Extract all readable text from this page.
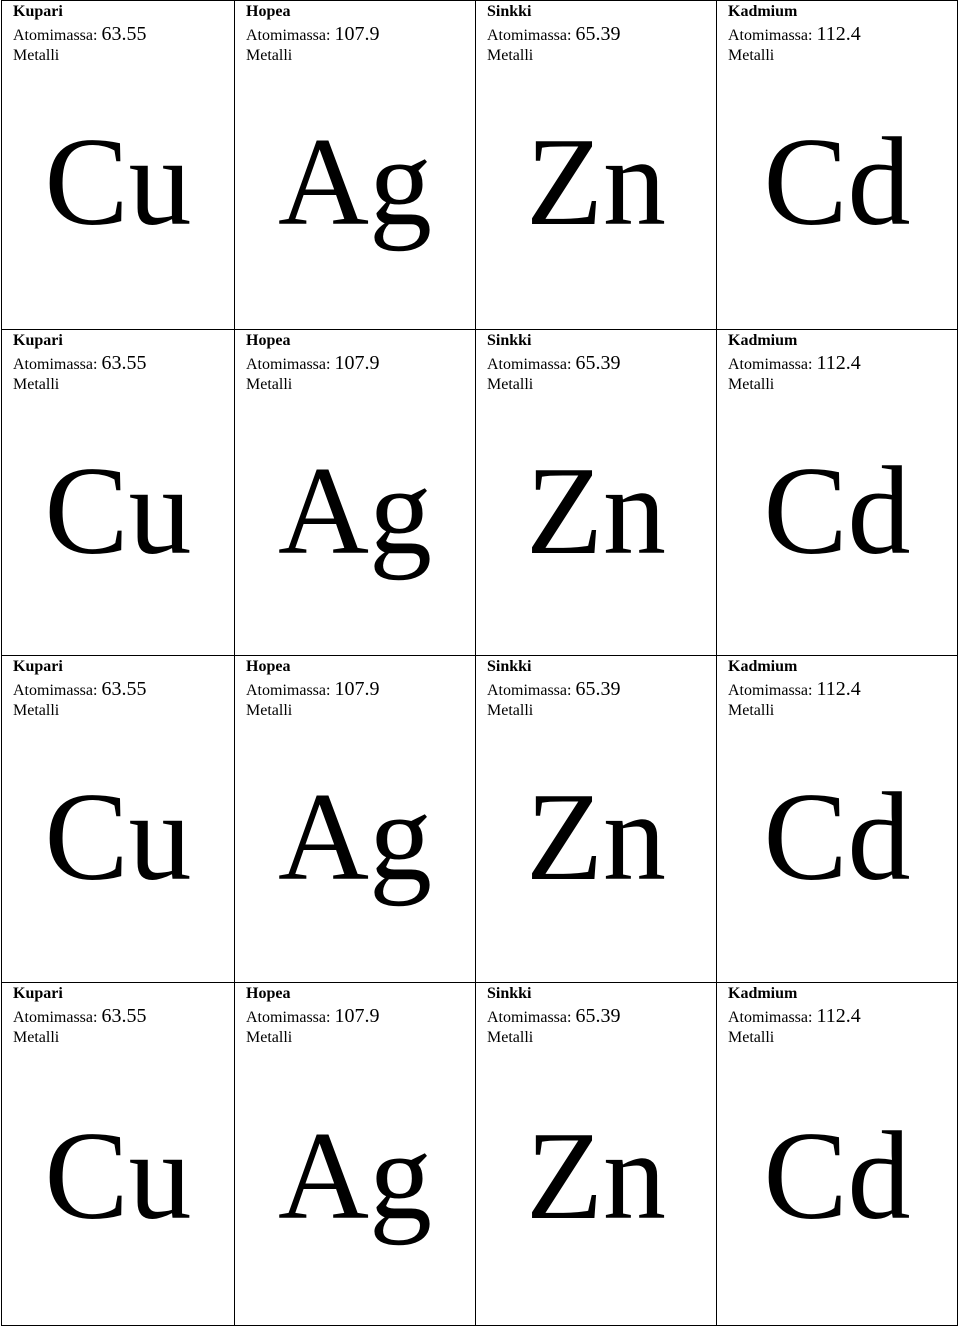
Kupari
Atomimassa: 63.55
Metalli
Cu
Hopea
Atomimassa: 107.9
Metalli
Ag
Sinkki
Atomimassa: 65.39
Metalli
Zn
Kadmium
Atomimassa: 112.4
Metalli
Cd
Kupari
Atomimassa: 63.55
Metalli
Cu
Hopea
Atomimassa: 107.9
Metalli
Ag
Sinkki
Atomimassa: 65.39
Metalli
Zn
Kadmium
Atomimassa: 112.4
Metalli
Cd
Kupari
Atomimassa: 63.55
Metalli
Cu
Hopea
Atomimassa: 107.9
Metalli
Ag
Sinkki
Atomimassa: 65.39
Metalli
Zn
Kadmium
Atomimassa: 112.4
Metalli
Cd
Kupari
Atomimassa: 63.55
Metalli
Cu
Hopea
Atomimassa: 107.9
Metalli
Ag
Sinkki
Atomimassa: 65.39
Metalli
Zn
Kadmium
Atomimassa: 112.4
Metalli
Cd
